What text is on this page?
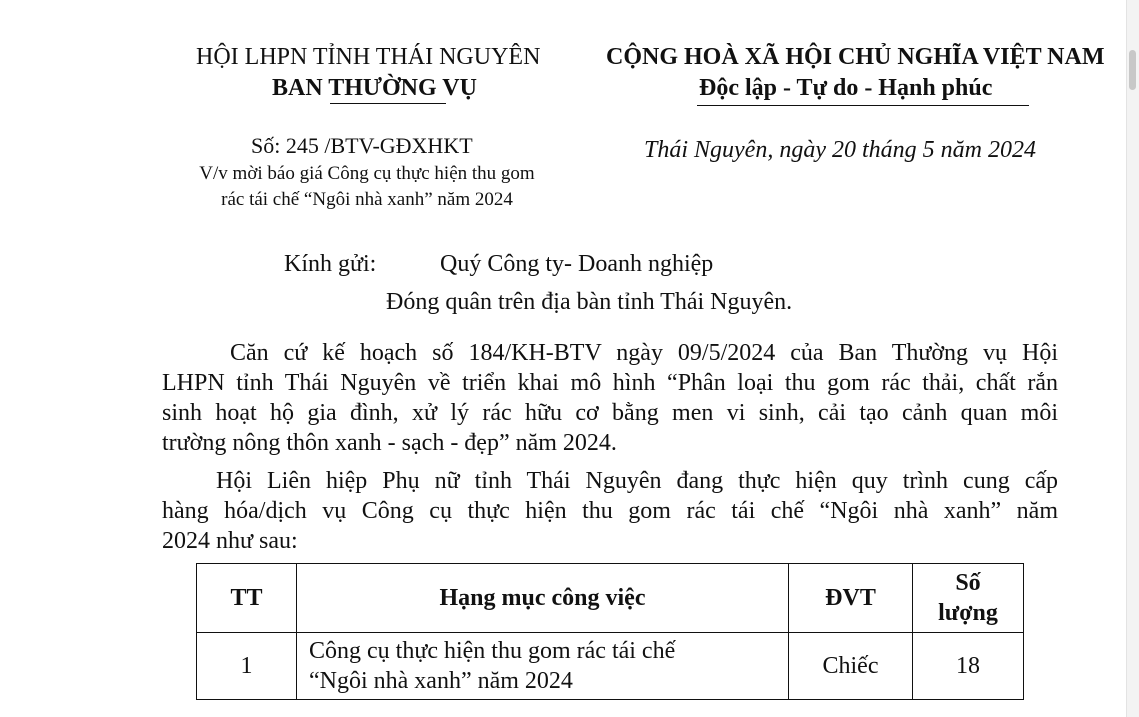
HỘI LHPN TỈNH THÁI NGUYÊN
BAN THƯỜNG VỤ
Số: 245 /BTV-GĐXHKT
V/v mời báo giá Công cụ thực hiện thu gom
rác tái chế “Ngôi nhà xanh” năm 2024
CỘNG HOÀ XÃ HỘI CHỦ NGHĨA VIỆT NAM
Độc lập - Tự do - Hạnh phúc
Thái Nguyên, ngày 20 tháng 5 năm 2024
Kính gửi:	Quý Công ty- Doanh nghiệp
Đóng quân trên địa bàn tỉnh Thái Nguyên.
Căn cứ kế hoạch số 184/KH-BTV ngày 09/5/2024 của Ban Thường vụ Hội
LHPN tỉnh Thái Nguyên về triển khai mô hình “Phân loại thu gom rác thải, chất rắn
sinh hoạt hộ gia đình, xử lý rác hữu cơ bằng men vi sinh, cải tạo cảnh quan môi
trường nông thôn xanh - sạch - đẹp” năm 2024.
Hội Liên hiệp Phụ nữ tỉnh Thái Nguyên đang thực hiện quy trình cung cấp
hàng hóa/dịch vụ Công cụ thực hiện thu gom rác tái chế “Ngôi nhà xanh” năm
2024 như sau:
TT	Hạng mục công việc	ĐVT	Số
lượng

1	Công cụ thực hiện thu gom rác tái chế
“Ngôi nhà xanh” năm 2024	Chiếc	18
